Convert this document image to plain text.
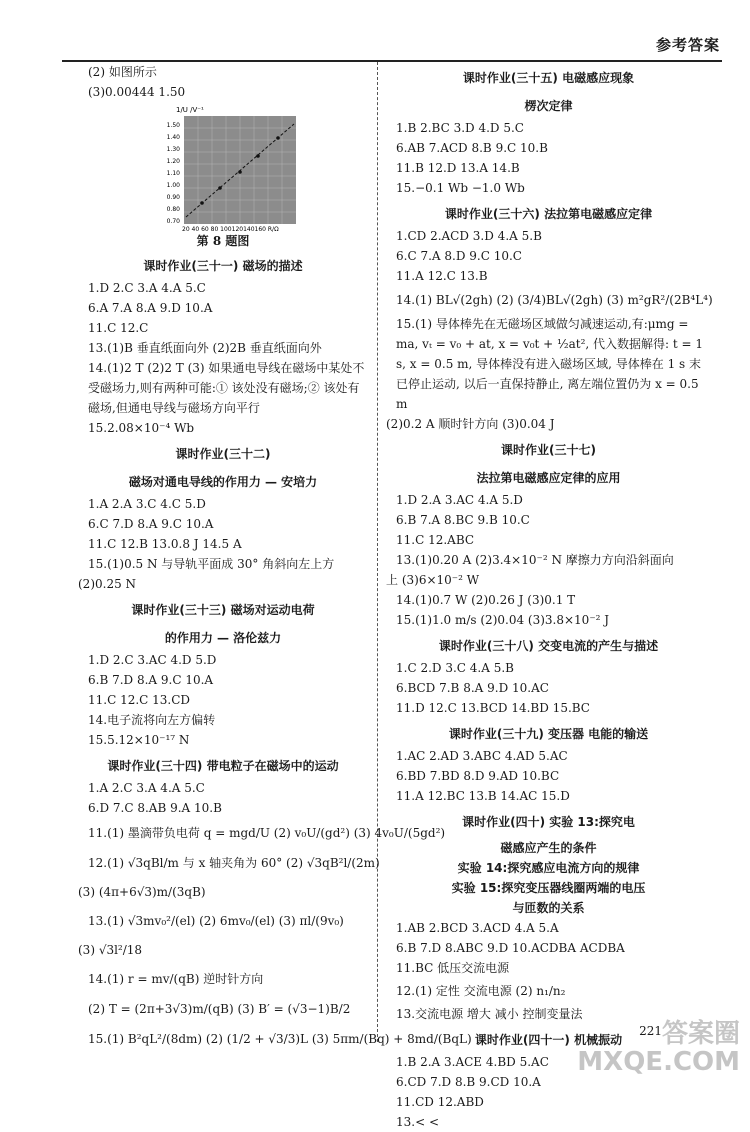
参考答案
(2) 如图所示
(3)0.00444 1.50
1/U /V⁻¹
1.50
1.40
1.30
1.20
1.10
1.00
0.90
0.80
0.70
20 40 60 80 100120140160 R/Ω
第 8 题图
课时作业(三十一) 磁场的描述
1.D 2.C 3.A 4.A 5.C
6.A 7.A 8.A 9.D 10.A
11.C 12.C
13.(1)B 垂直纸面向外 (2)2B 垂直纸面向外
14.(1)2 T (2)2 T (3) 如果通电导线在磁场中某处不受磁场力,则有两种可能:① 该处没有磁场;② 该处有磁场,但通电导线与磁场方向平行
15.2.08×10⁻⁴ Wb
课时作业(三十二)
磁场对通电导线的作用力 — 安培力
1.A 2.A 3.C 4.C 5.D
6.C 7.D 8.A 9.C 10.A
11.C 12.B 13.0.8 J 14.5 A
15.(1)0.5 N 与导轨平面成 30° 角斜向左上方
(2)0.25 N
课时作业(三十三) 磁场对运动电荷
的作用力 — 洛伦兹力
1.D 2.C 3.AC 4.D 5.D
6.B 7.D 8.A 9.C 10.A
11.C 12.C 13.CD
14.电子流将向左方偏转
15.5.12×10⁻¹⁷ N
课时作业(三十四) 带电粒子在磁场中的运动
1.A 2.C 3.A 4.A 5.C
6.D 7.C 8.AB 9.A 10.B
11.(1) 墨滴带负电荷 q = mgd/U (2) v₀U/(gd²) (3) 4v₀U/(5gd²)
12.(1) √3qBl/m 与 x 轴夹角为 60° (2) √3qB²l/(2m)
(3) (4π+6√3)m/(3qB)
13.(1) √3mv₀²/(el) (2) 6mv₀/(el) (3) πl/(9v₀)
(3) √3l²/18
14.(1) r = mv/(qB) 逆时针方向
(2) T = (2π+3√3)m/(qB) (3) B′ = (√3−1)B/2
15.(1) B²qL²/(8dm) (2) (1/2 + √3/3)L (3) 5πm/(Bq) + 8md/(BqL)
课时作业(三十五) 电磁感应现象
楞次定律
1.B 2.BC 3.D 4.D 5.C
6.AB 7.ACD 8.B 9.C 10.B
11.B 12.D 13.A 14.B
15.−0.1 Wb −1.0 Wb
课时作业(三十六) 法拉第电磁感应定律
1.CD 2.ACD 3.D 4.A 5.B
6.C 7.A 8.D 9.C 10.C
11.A 12.C 13.B
14.(1) BL√(2gh) (2) (3/4)BL√(2gh) (3) m²gR²/(2B⁴L⁴)
15.(1) 导体棒先在无磁场区域做匀减速运动,有:μmg = ma, vₜ = v₀ + at, x = v₀t + ½at², 代入数据解得: t = 1 s, x = 0.5 m, 导体棒没有进入磁场区域, 导体棒在 1 s 末已停止运动, 以后一直保持静止, 离左端位置仍为 x = 0.5 m
(2)0.2 A 顺时针方向 (3)0.04 J
课时作业(三十七)
法拉第电磁感应定律的应用
1.D 2.A 3.AC 4.A 5.D
6.B 7.A 8.BC 9.B 10.C
11.C 12.ABC
13.(1)0.20 A (2)3.4×10⁻² N 摩擦力方向沿斜面向
上 (3)6×10⁻² W
14.(1)0.7 W (2)0.26 J (3)0.1 T
15.(1)1.0 m/s (2)0.04 (3)3.8×10⁻² J
课时作业(三十八) 交变电流的产生与描述
1.C 2.D 3.C 4.A 5.B
6.BCD 7.B 8.A 9.D 10.AC
11.D 12.C 13.BCD 14.BD 15.BC
课时作业(三十九) 变压器 电能的输送
1.AC 2.AD 3.ABC 4.AD 5.AC
6.BD 7.BD 8.D 9.AD 10.BC
11.A 12.BC 13.B 14.AC 15.D
课时作业(四十) 实验 13:探究电
磁感应产生的条件
实验 14:探究感应电流方向的规律
实验 15:探究变压器线圈两端的电压
与匝数的关系
1.AB 2.BCD 3.ACD 4.A 5.A
6.B 7.D 8.ABC 9.D 10.ACDBA ACDBA
11.BC 低压交流电源
12.(1) 定性 交流电源 (2) n₁/n₂
13.交流电源 增大 减小 控制变量法
课时作业(四十一) 机械振动
1.B 2.A 3.ACE 4.BD 5.AC
6.CD 7.D 8.B 9.CD 10.A
11.CD 12.ABD
13.< <
221 答案圈
MXQE.COM
